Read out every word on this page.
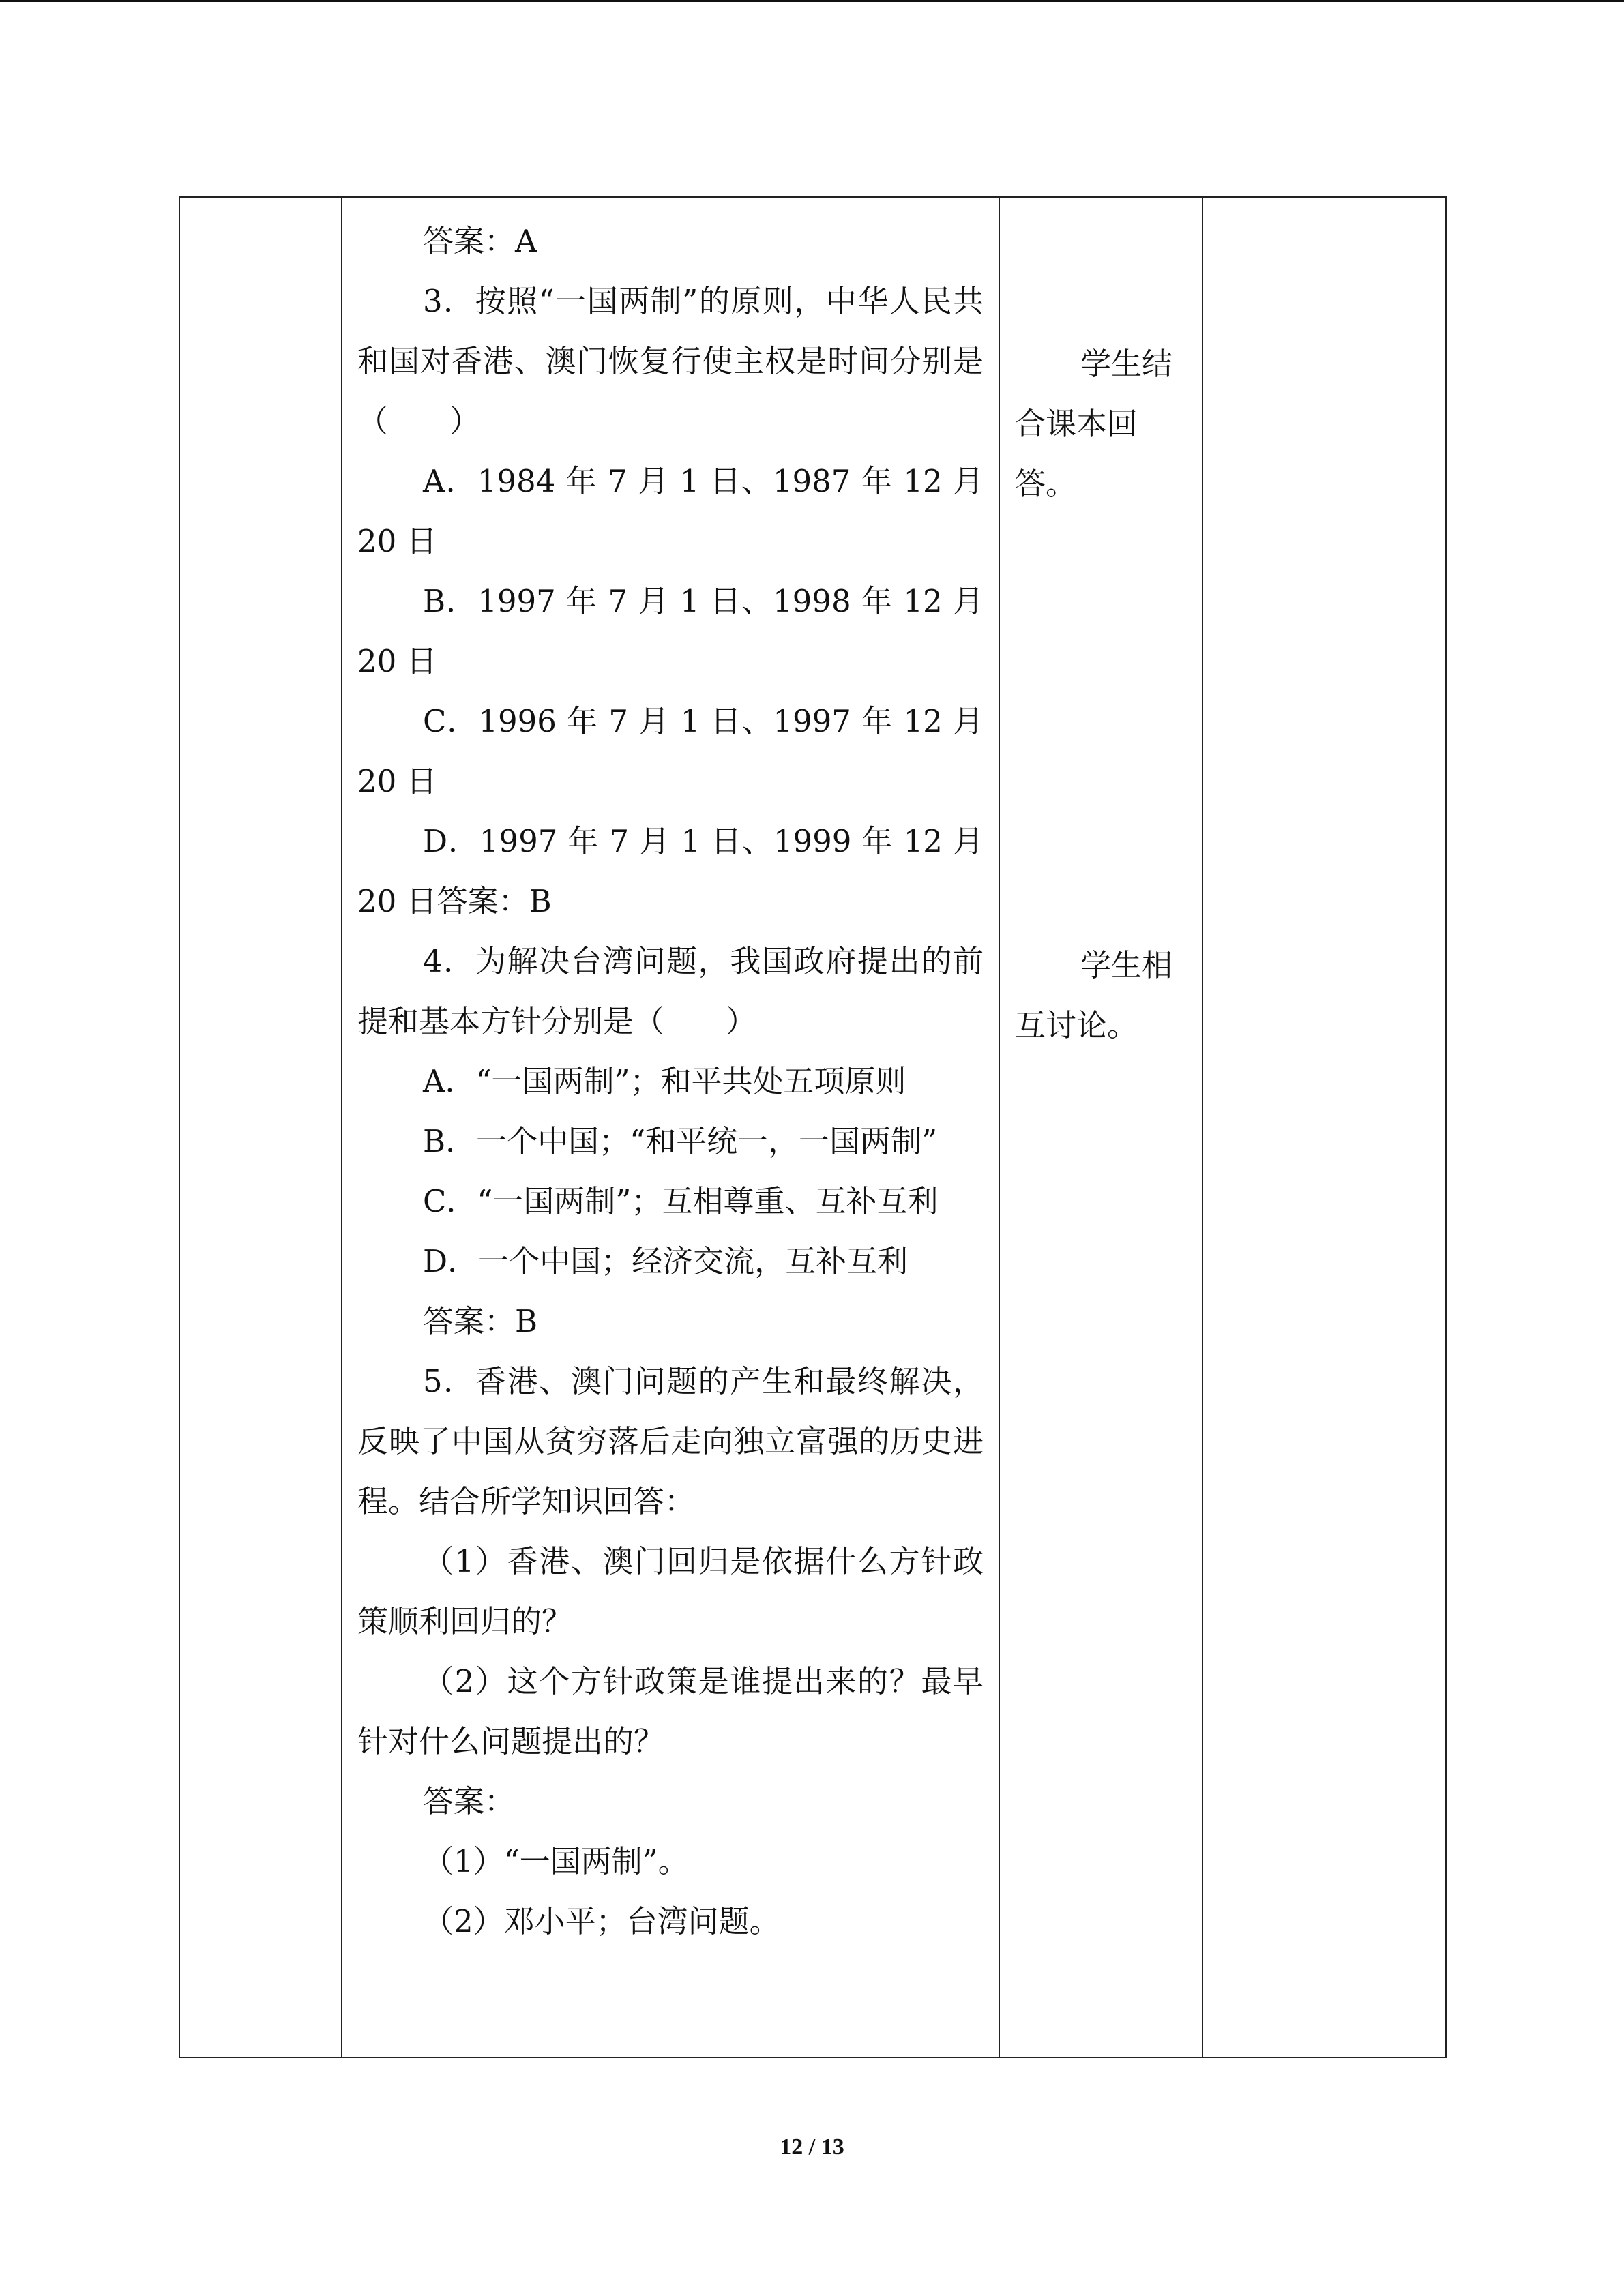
答案：A

3．按照“一国两制”的原则，中华人民共和国对香港、澳门恢复行使主权是时间分别是（　　）

A．1984 年 7 月 1 日、1987 年 12 月 20 日

B．1997 年 7 月 1 日、1998 年 12 月 20 日

C．1996 年 7 月 1 日、1997 年 12 月 20 日

D．1997 年 7 月 1 日、1999 年 12 月 20 日答案：B

4．为解决台湾问题，我国政府提出的前提和基本方针分别是（　　）

A．“一国两制”；和平共处五项原则

B．一个中国；“和平统一，一国两制”

C．“一国两制”；互相尊重、互补互利

D．一个中国；经济交流，互补互利

答案：B

5．香港、澳门问题的产生和最终解决，反映了中国从贫穷落后走向独立富强的历史进程。结合所学知识回答：

（1）香港、澳门回归是依据什么方针政策顺利回归的？

（2）这个方针政策是谁提出来的？最早针对什么问题提出的？

答案：

（1）“一国两制”。

（2）邓小平；台湾问题。

学生结合课本回答。

学生相互讨论。

12 / 13
